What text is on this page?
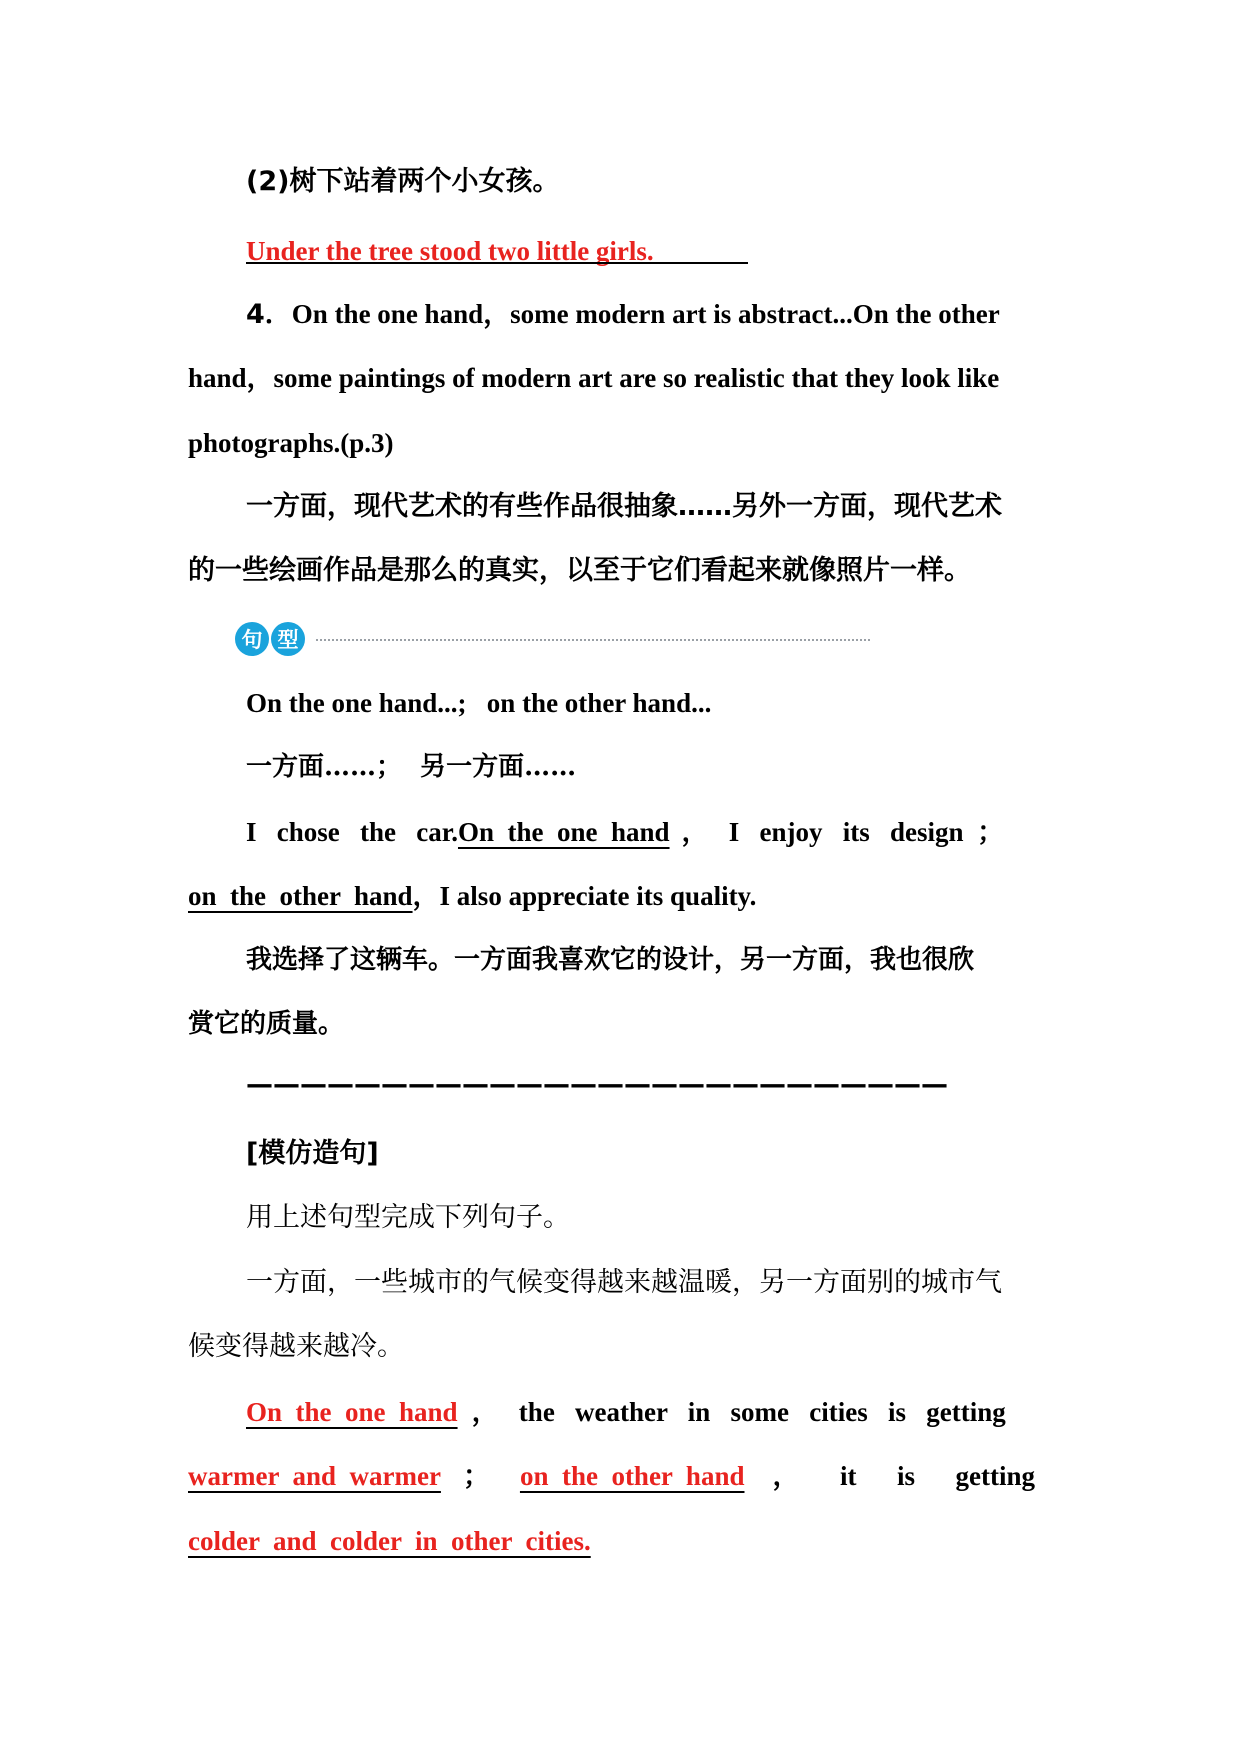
(2)树下站着两个小女孩。
Under the tree stood two little girls.
4．On the one hand，some modern art is abstract...On the other
hand，some paintings of modern art are so realistic that they look like
photographs.(p.3)
一方面，现代艺术的有些作品很抽象……另外一方面，现代艺术
的一些绘画作品是那么的真实，以至于它们看起来就像照片一样。
句 型
On the one hand...;   on the other hand...
一方面……；  另一方面……
I   chose   the   car.On  the  one  hand ，   I   enjoy   its   design  ；
on  the  other  hand，I also appreciate its quality.
我选择了这辆车。一方面我喜欢它的设计，另一方面，我也很欣
赏它的质量。
——————————————————————————
[模仿造句]
用上述句型完成下列句子。
一方面，一些城市的气候变得越来越温暖，另一方面别的城市气
候变得越来越冷。
On  the  one  hand ，   the   weather   in   some   cities   is   getting
warmer  and  warmer ； on  the  other  hand ，      it      is      getting
colder  and  colder  in  other  cities.
